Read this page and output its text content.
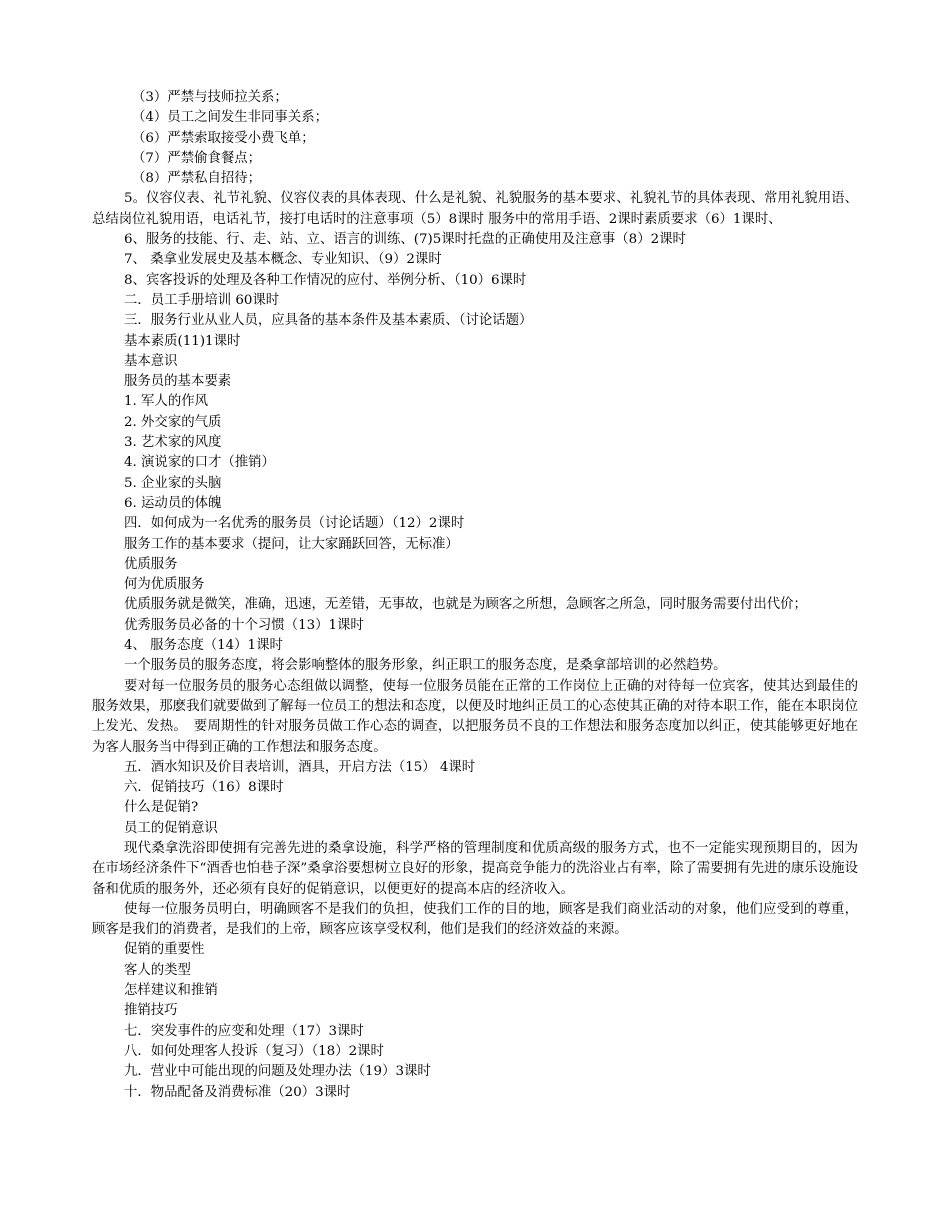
（3）严禁与技师拉关系；
（4）员工之间发生非同事关系；
（6）严禁索取接受小费飞单；
（7）严禁偷食餐点；
（8）严禁私自招待；
5。仪容仪表、礼节礼貌、仪容仪表的具体表现、什么是礼貌、礼貌服务的基本要求、礼貌礼节的具体表现、常用礼貌用语、总结岗位礼貌用语，电话礼节，接打电话时的注意事项（5）8课时 服务中的常用手语、2课时素质要求（6）1课时、
6、服务的技能、行、走、站、立、语言的训练、(7)5课时托盘的正确使用及注意事（8）2课时
7、 桑拿业发展史及基本概念、专业知识、（9）2课时
8、宾客投诉的处理及各种工作情况的应付、举例分析、（10）6课时
二．员工手册培训 60课时
三．服务行业从业人员，应具备的基本条件及基本素质、（讨论话题）
基本素质(11)1课时
基本意识
服务员的基本要素
1. 军人的作风
2. 外交家的气质
3. 艺术家的风度
4. 演说家的口才（推销）
5. 企业家的头脑
6. 运动员的体魄
四．如何成为一名优秀的服务员（讨论话题）（12）2课时
服务工作的基本要求（提问，让大家踊跃回答，无标准）
优质服务
何为优质服务
优质服务就是微笑，准确，迅速，无差错，无事故，也就是为顾客之所想，急顾客之所急，同时服务需要付出代价；
优秀服务员必备的十个习惯（13）1课时
4、 服务态度（14）1课时
一个服务员的服务态度，将会影响整体的服务形象，纠正职工的服务态度，是桑拿部培训的必然趋势。
要对每一位服务员的服务心态组做以调整，使每一位服务员能在正常的工作岗位上正确的对待每一位宾客，使其达到最佳的服务效果，那麽我们就要做到了解每一位员工的想法和态度，以便及时地纠正员工的心态使其正确的对待本职工作，能在本职岗位上发光、发热。　要周期性的针对服务员做工作心态的调查，以把服务员不良的工作想法和服务态度加以纠正，使其能够更好地在为客人服务当中得到正确的工作想法和服务态度。
五．酒水知识及价目表培训，酒具，开启方法（15） 4课时
六．促销技巧（16）8课时
什么是促销?
员工的促销意识
现代桑拿洗浴即使拥有完善先进的桑拿设施，科学严格的管理制度和优质高级的服务方式，也不一定能实现预期目的，因为在市场经济条件下“酒香也怕巷子深”桑拿浴要想树立良好的形象，提高竞争能力的洗浴业占有率，除了需要拥有先进的康乐设施设备和优质的服务外，还必须有良好的促销意识，以便更好的提高本店的经济收入。
使每一位服务员明白，明确顾客不是我们的负担，使我们工作的目的地，顾客是我们商业活动的对象，他们应受到的尊重，顾客是我们的消费者，是我们的上帝，顾客应该享受权利，他们是我们的经济效益的来源。
促销的重要性
客人的类型
怎样建议和推销
推销技巧
七．突发事件的应变和处理（17）3课时
八．如何处理客人投诉（复习）（18）2课时
九．营业中可能出现的问题及处理办法（19）3课时
十．物品配备及消费标准（20）3课时
